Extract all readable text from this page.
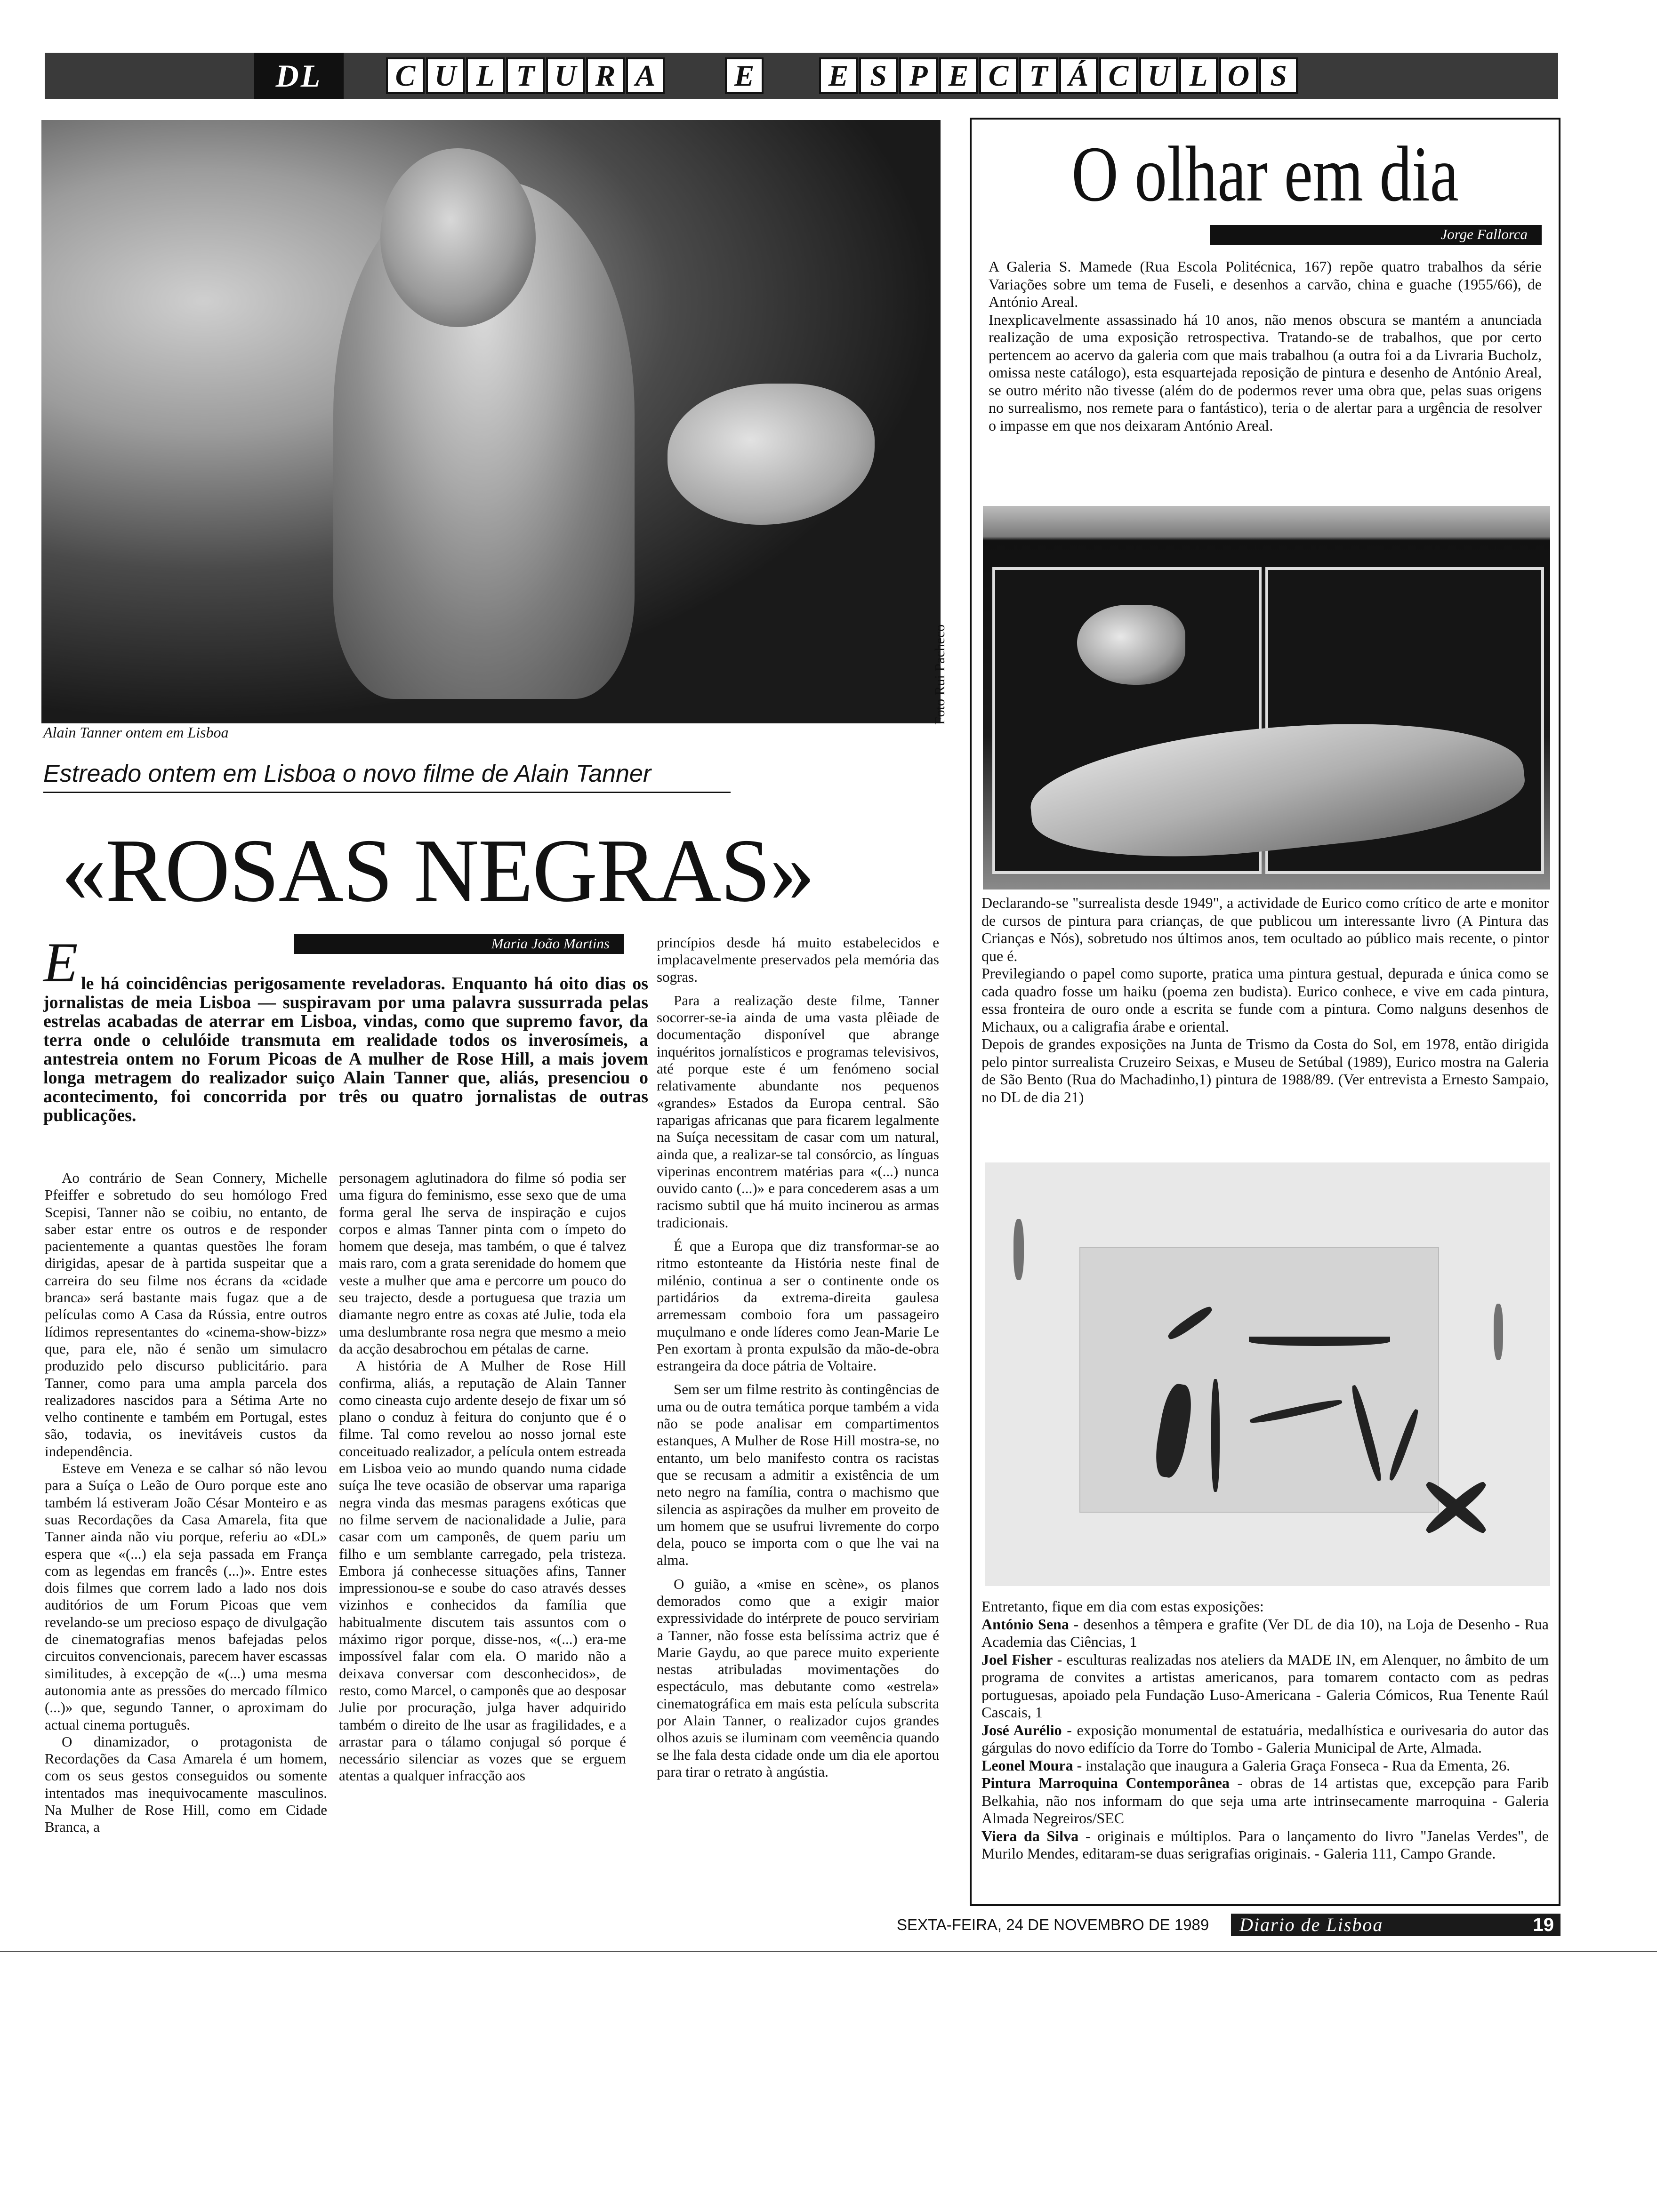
C U L T U R A	E	E S P E C T Á C U L O S
DL
Foto Rui Pacheco
Alain Tanner ontem em Lisboa
Estreado ontem em Lisboa o novo filme de Alain Tanner
«ROSAS NEGRAS»
Maria João Martins
E le há coincidências perigosamente reveladoras. Enquanto há oito dias os jornalistas de meia Lisboa — suspiravam por uma palavra sussurrada pelas estrelas acabadas de aterrar em Lisboa, vindas, como que supremo favor, da terra onde o celulóide transmuta em realidade todos os inverosímeis, a antestreia ontem no Forum Picoas de A mulher de Rose Hill, a mais jovem longa metragem do realizador suiço Alain Tanner que, aliás, presenciou o acontecimento, foi concorrida por três ou quatro jornalistas de outras publicações.

Ao contrário de Sean Connery, Michelle Pfeiffer e sobretudo do seu homólogo Fred Scepisi, Tanner não se coibiu, no entanto, de saber estar entre os outros e de responder pacientemente a quantas questões lhe foram dirigidas, apesar de à partida suspeitar que a carreira do seu filme nos écrans da «cidade branca» será bastante mais fugaz que a de películas como A Casa da Rússia, entre outros lídimos representantes do «cinema-show-bizz» que, para ele, não é senão um simulacro produzido pelo discurso publicitário. para Tanner, como para uma ampla parcela dos realizadores nascidos para a Sétima Arte no velho continente e também em Portugal, estes são, todavia, os inevitáveis custos da independência.

Esteve em Veneza e se calhar só não levou para a Suíça o Leão de Ouro porque este ano também lá estiveram João César Monteiro e as suas Recordações da Casa Amarela, fita que Tanner ainda não viu porque, referiu ao «DL» espera que «(...) ela seja passada em França com as legendas em francês (...)». Entre estes dois filmes que correm lado a lado nos dois auditórios de um Forum Picoas que vem revelando-se um precioso espaço de divulgação de cinematografias menos bafejadas pelos circuitos convencionais, parecem haver escassas similitudes, à excepção de «(...) uma mesma autonomia ante as pressões do mercado fílmico (...)» que, segundo Tanner, o aproximam do actual cinema português.

O dinamizador, o protagonista de Recordações da Casa Amarela é um homem, com os seus gestos conseguidos ou somente intentados mas inequivocamente masculinos. Na Mulher de Rose Hill, como em Cidade Branca, a

personagem aglutinadora do filme só podia ser uma figura do feminismo, esse sexo que de uma forma geral lhe serva de inspiração e cujos corpos e almas Tanner pinta com o ímpeto do homem que deseja, mas também, o que é talvez mais raro, com a grata serenidade do homem que veste a mulher que ama e percorre um pouco do seu trajecto, desde a portuguesa que trazia um diamante negro entre as coxas até Julie, toda ela uma deslumbrante rosa negra que mesmo a meio da acção desabrochou em pétalas de carne.

A história de A Mulher de Rose Hill confirma, aliás, a reputação de Alain Tanner como cineasta cujo ardente desejo de fixar um só plano o conduz à feitura do conjunto que é o filme. Tal como revelou ao nosso jornal este conceituado realizador, a película ontem estreada em Lisboa veio ao mundo quando numa cidade suíça lhe teve ocasião de observar uma rapariga negra vinda das mesmas paragens exóticas que no filme servem de nacionalidade a Julie, para casar com um camponês, de quem pariu um filho e um semblante carregado, pela tristeza. Embora já conhecesse situações afins, Tanner impressionou-se e soube do caso através desses vizinhos e conhecidos da família que habitualmente discutem tais assuntos com o máximo rigor porque, disse-nos, «(...) era-me impossível falar com ela. O marido não a deixava conversar com desconhecidos», de resto, como Marcel, o camponês que ao desposar Julie por procuração, julga haver adquirido também o direito de lhe usar as fragilidades, e a arrastar para o tálamo conjugal só porque é necessário silenciar as vozes que se erguem atentas a qualquer infracção aos

princípios desde há muito estabelecidos e implacavelmente preservados pela memória das sogras.

Para a realização deste filme, Tanner socorrer-se-ia ainda de uma vasta plêiade de documentação disponível que abrange inquéritos jornalísticos e programas televisivos, até porque este é um fenómeno social relativamente abundante nos pequenos «grandes» Estados da Europa central. São raparigas africanas que para ficarem legalmente na Suíça necessitam de casar com um natural, ainda que, a realizar-se tal consórcio, as línguas viperinas encontrem matérias para «(...) nunca ouvido canto (...)» e para concederem asas a um racismo subtil que há muito incinerou as armas tradicionais.

É que a Europa que diz transformar-se ao ritmo estonteante da História neste final de milénio, continua a ser o continente onde os partidários da extrema-direita gaulesa arremessam comboio fora um passageiro muçulmano e onde líderes como Jean-Marie Le Pen exortam à pronta expulsão da mão-de-obra estrangeira da doce pátria de Voltaire.

Sem ser um filme restrito às contingências de uma ou de outra temática porque também a vida não se pode analisar em compartimentos estanques, A Mulher de Rose Hill mostra-se, no entanto, um belo manifesto contra os racistas que se recusam a admitir a existência de um neto negro na família, contra o machismo que silencia as aspirações da mulher em proveito de um homem que se usufrui livremente do corpo dela, pouco se importa com o que lhe vai na alma.

O guião, a «mise en scène», os planos demorados como que a exigir maior expressividade do intérprete de pouco serviriam a Tanner, não fosse esta belíssima actriz que é Marie Gaydu, ao que parece muito experiente nestas atribuladas movimentações do espectáculo, mas debutante como «estrela» cinematográfica em mais esta película subscrita por Alain Tanner, o realizador cujos grandes olhos azuis se iluminam com veemência quando se lhe fala desta cidade onde um dia ele aportou para tirar o retrato à angústia.

O olhar em dia
Jorge Fallorca

A Galeria S. Mamede (Rua Escola Politécnica, 167) repõe quatro trabalhos da série Variações sobre um tema de Fuseli, e desenhos a carvão, china e guache (1955/66), de António Areal.

Inexplicavelmente assassinado há 10 anos, não menos obscura se mantém a anunciada realização de uma exposição retrospectiva. Tratando-se de trabalhos, que por certo pertencem ao acervo da galeria com que mais trabalhou (a outra foi a da Livraria Bucholz, omissa neste catálogo), esta esquartejada reposição de pintura e desenho de António Areal, se outro mérito não tivesse (além do de podermos rever uma obra que, pelas suas origens no surrealismo, nos remete para o fantástico), teria o de alertar para a urgência de resolver o impasse em que nos deixaram António Areal.

Declarando-se "surrealista desde 1949", a actividade de Eurico como crítico de arte e monitor de cursos de pintura para crianças, de que publicou um interessante livro (A Pintura das Crianças e Nós), sobretudo nos últimos anos, tem ocultado ao público mais recente, o pintor que é.

Previlegiando o papel como suporte, pratica uma pintura gestual, depurada e única como se cada quadro fosse um haiku (poema zen budista). Eurico conhece, e vive em cada pintura, essa fronteira de ouro onde a escrita se funde com a pintura. Como nalguns desenhos de Michaux, ou a caligrafia árabe e oriental.

Depois de grandes exposições na Junta de Trismo da Costa do Sol, em 1978, então dirigida pelo pintor surrealista Cruzeiro Seixas, e Museu de Setúbal (1989), Eurico mostra na Galeria de São Bento (Rua do Machadinho,1) pintura de 1988/89. (Ver entrevista a Ernesto Sampaio, no DL de dia 21)

Entretanto, fique em dia com estas exposições:

António Sena - desenhos a têmpera e grafite (Ver DL de dia 10), na Loja de Desenho - Rua Academia das Ciências, 1

Joel Fisher - esculturas realizadas nos ateliers da MADE IN, em Alenquer, no âmbito de um programa de convites a artistas americanos, para tomarem contacto com as pedras portuguesas, apoiado pela Fundação Luso-Americana - Galeria Cómicos, Rua Tenente Raúl Cascais, 1

José Aurélio - exposição monumental de estatuária, medalhística e ourivesaria do autor das gárgulas do novo edifício da Torre do Tombo - Galeria Municipal de Arte, Almada.

Leonel Moura - instalação que inaugura a Galeria Graça Fonseca - Rua da Ementa, 26.

Pintura Marroquina Contemporânea - obras de 14 artistas que, excepção para Farib Belkahia, não nos informam do que seja uma arte intrinsecamente marroquina - Galeria Almada Negreiros/SEC

Viera da Silva - originais e múltiplos. Para o lançamento do livro "Janelas Verdes", de Murilo Mendes, editaram-se duas serigrafias originais. - Galeria 111, Campo Grande.

SEXTA-FEIRA, 24 DE NOVEMBRO DE 1989 Diario de Lisboa	19
